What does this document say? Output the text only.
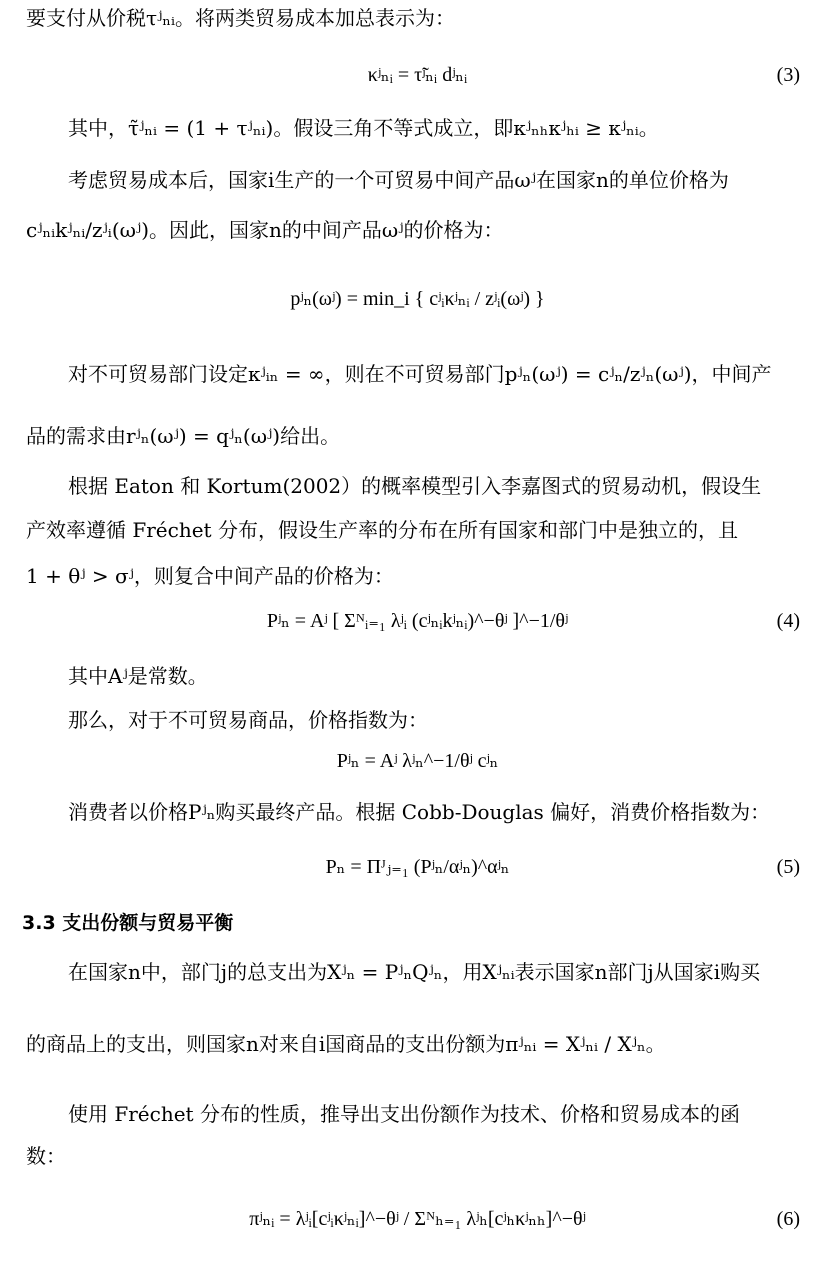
要支付从价税τʲₙᵢ。将两类贸易成本加总表示为：
κʲₙᵢ = τ̃ʲₙᵢ dʲₙᵢ	(3)
其中，τ̃ʲₙᵢ = (1 + τʲₙᵢ)。假设三角不等式成立，即κʲₙₕκʲₕᵢ ≥ κʲₙᵢ。
考虑贸易成本后，国家i生产的一个可贸易中间产品ωʲ在国家n的单位价格为
cʲₙᵢkʲₙᵢ/zʲᵢ(ωʲ)。因此，国家n的中间产品ωʲ的价格为：
pʲₙ(ωʲ) = min_i { cʲᵢκʲₙᵢ / zʲᵢ(ωʲ) }
对不可贸易部门设定κʲᵢₙ = ∞，则在不可贸易部门pʲₙ(ωʲ) = cʲₙ/zʲₙ(ωʲ)，中间产
品的需求由rʲₙ(ωʲ) = qʲₙ(ωʲ)给出。
根据 Eaton 和 Kortum(2002）的概率模型引入李嘉图式的贸易动机，假设生
产效率遵循 Fréchet 分布，假设生产率的分布在所有国家和部门中是独立的，且
1 + θʲ > σʲ，则复合中间产品的价格为：
Pʲₙ = Aʲ [ Σᴺᵢ₌₁ λʲᵢ (cʲₙᵢkʲₙᵢ)^−θʲ ]^−1/θʲ	(4)
其中Aʲ是常数。
那么，对于不可贸易商品，价格指数为：
Pʲₙ = Aʲ λʲₙ^−1/θʲ cʲₙ
消费者以价格Pʲₙ购买最终产品。根据 Cobb-Douglas 偏好，消费价格指数为：
Pₙ = Πᴶⱼ₌₁ (Pʲₙ/αʲₙ)^αʲₙ	(5)
3.3 支出份额与贸易平衡
在国家n中，部门j的总支出为Xʲₙ = PʲₙQʲₙ，用Xʲₙᵢ表示国家n部门j从国家i购买
的商品上的支出，则国家n对来自i国商品的支出份额为πʲₙᵢ = Xʲₙᵢ / Xʲₙ。
使用 Fréchet 分布的性质，推导出支出份额作为技术、价格和贸易成本的函
数：
πʲₙᵢ = λʲᵢ[cʲᵢκʲₙᵢ]^−θʲ / Σᴺₕ₌₁ λʲₕ[cʲₕκʲₙₕ]^−θʲ	(6)
